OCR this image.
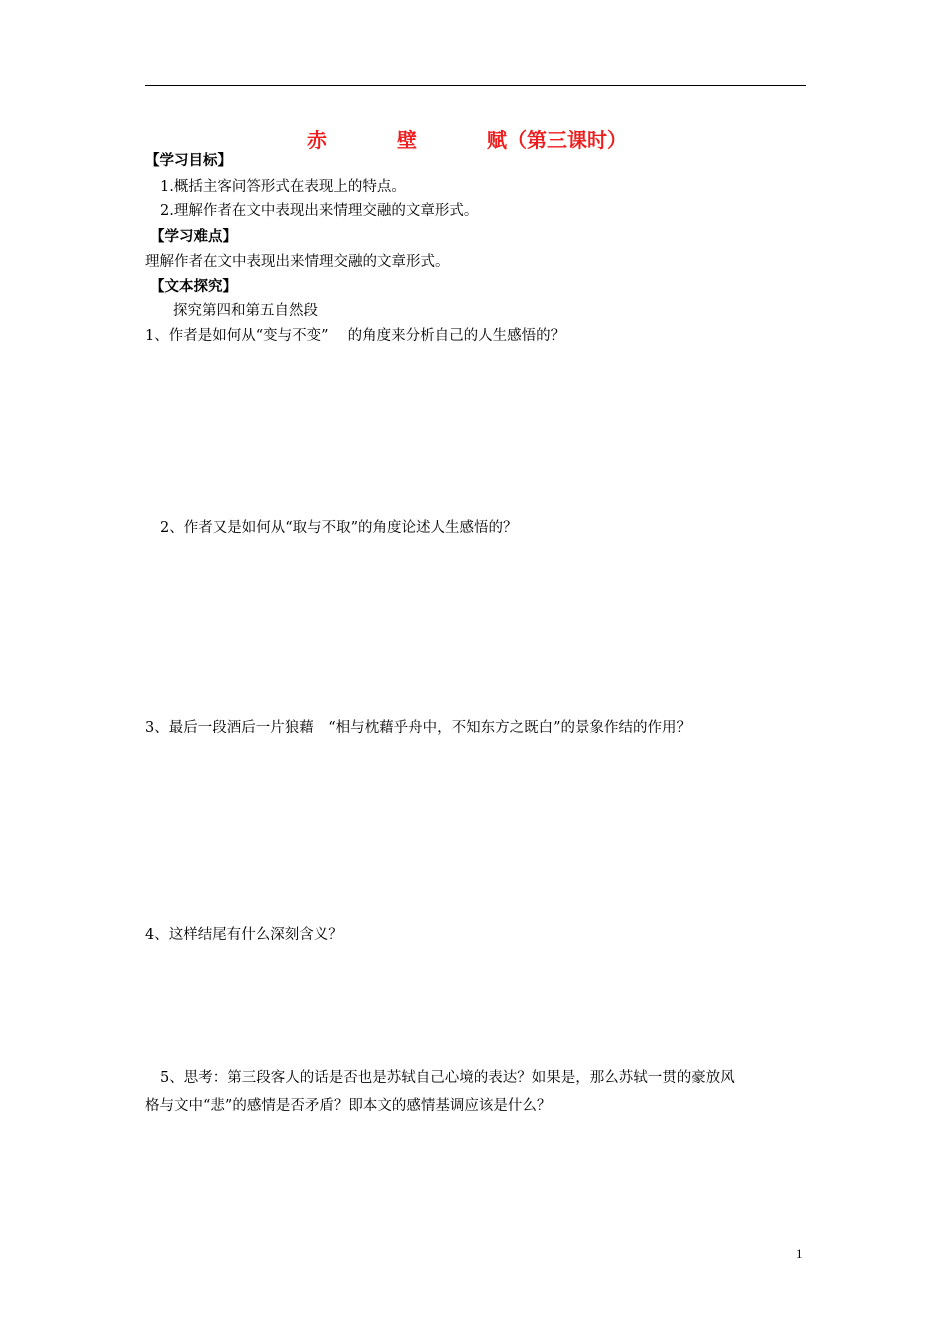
赤	壁	赋（第三课时）
【学习目标】
1.概括主客问答形式在表现上的特点。
2.理解作者在文中表现出来情理交融的文章形式。
【学习难点】
理解作者在文中表现出来情理交融的文章形式。
【文本探究】
探究第四和第五自然段
1、作者是如何从“变与不变”　 的角度来分析自己的人生感悟的？
2、作者又是如何从“取与不取”的角度论述人生感悟的？
3、最后一段酒后一片狼藉　“相与枕藉乎舟中，不知东方之既白”的景象作结的作用？
4、这样结尾有什么深刻含义？
5、思考：第三段客人的话是否也是苏轼自己心境的表达？如果是，那么苏轼一贯的豪放风
格与文中“悲”的感情是否矛盾？即本文的感情基调应该是什么？
1
